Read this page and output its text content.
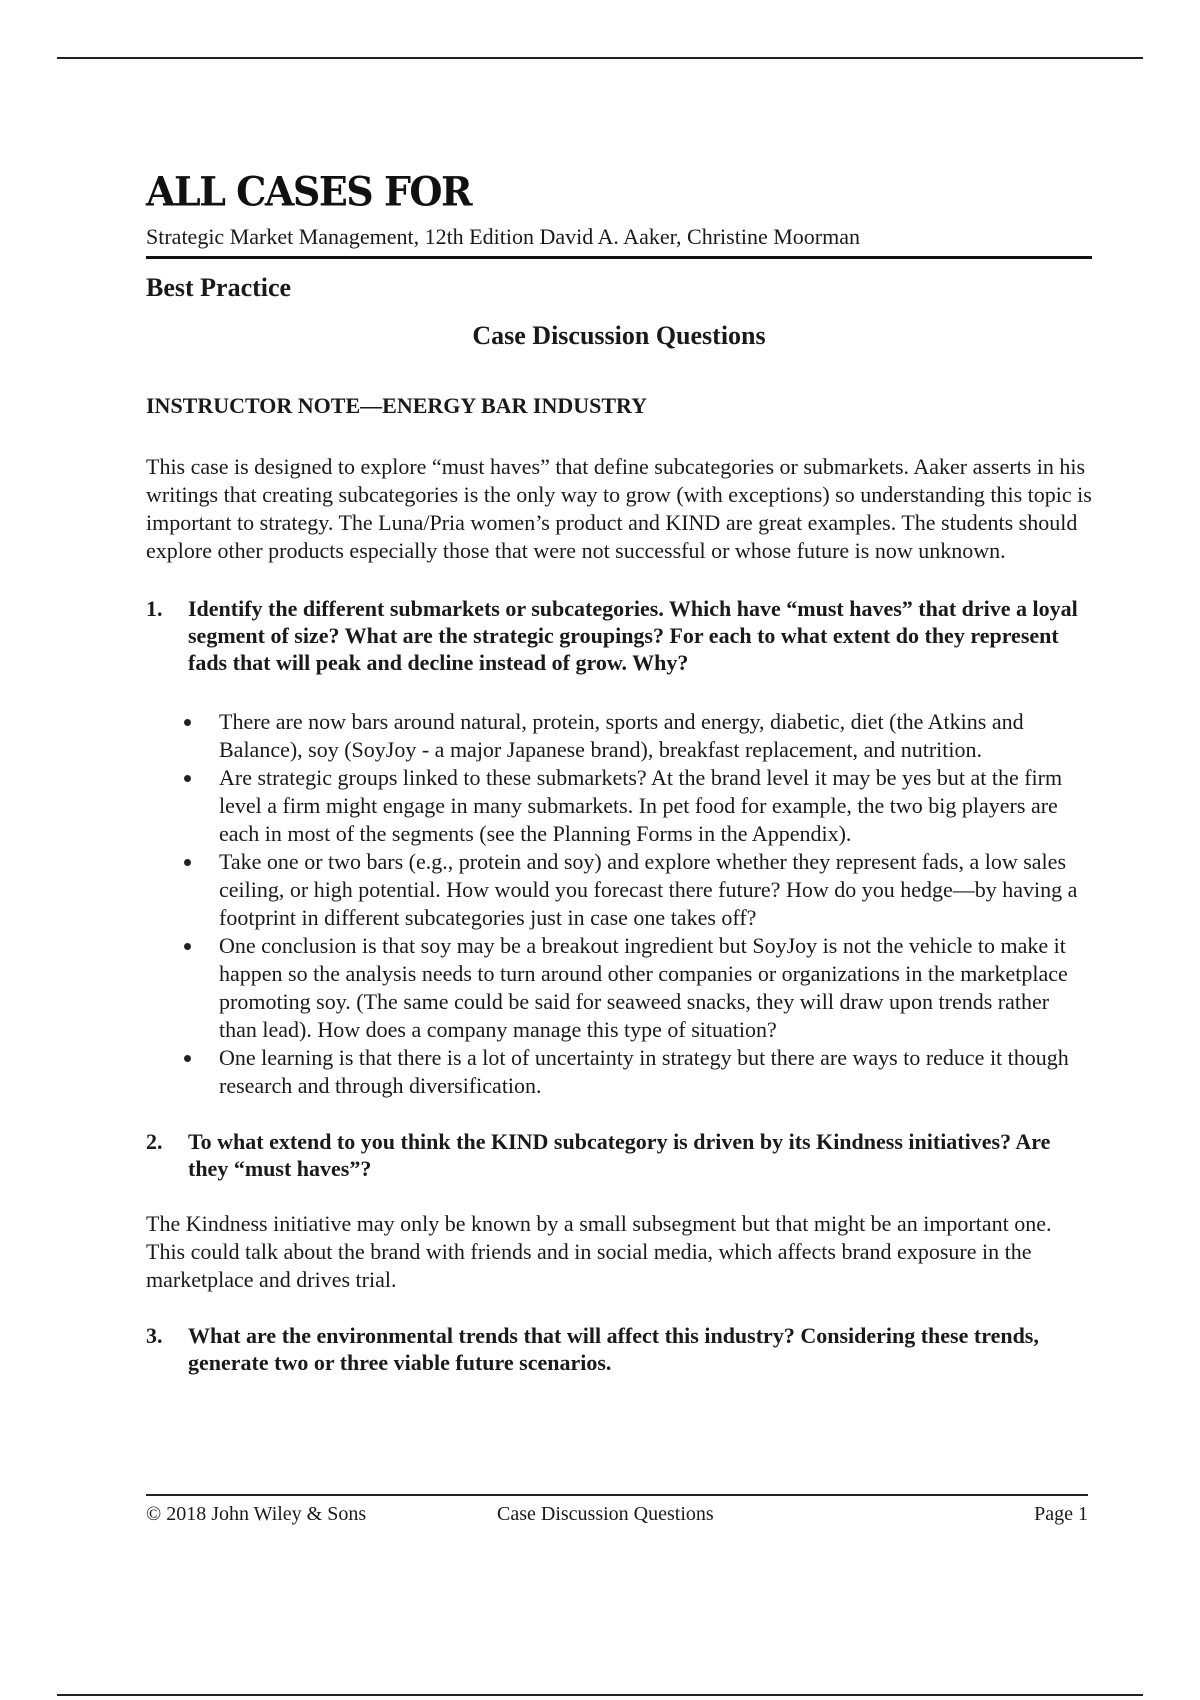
ALL CASES FOR
Strategic Market Management, 12th Edition David A. Aaker, Christine Moorman
Best Practice
Case Discussion Questions
INSTRUCTOR NOTE—ENERGY BAR INDUSTRY

This case is designed to explore “must haves” that define subcategories or submarkets. Aaker asserts in his writings that creating subcategories is the only way to grow (with exceptions) so understanding this topic is important to strategy. The Luna/Pria women’s product and KIND are great examples. The students should explore other products especially those that were not successful or whose future is now unknown.

1.	Identify the different submarkets or subcategories. Which have “must haves” that drive a loyal segment of size? What are the strategic groupings? For each to what extent do they represent fads that will peak and decline instead of grow. Why?
There are now bars around natural, protein, sports and energy, diabetic, diet (the Atkins and Balance), soy (SoyJoy - a major Japanese brand), breakfast replacement, and nutrition.
Are strategic groups linked to these submarkets? At the brand level it may be yes but at the firm level a firm might engage in many submarkets. In pet food for example, the two big players are each in most of the segments (see the Planning Forms in the Appendix).
Take one or two bars (e.g., protein and soy) and explore whether they represent fads, a low sales ceiling, or high potential. How would you forecast there future? How do you hedge—by having a footprint in different subcategories just in case one takes off?
One conclusion is that soy may be a breakout ingredient but SoyJoy is not the vehicle to make it happen so the analysis needs to turn around other companies or organizations in the marketplace promoting soy. (The same could be said for seaweed snacks, they will draw upon trends rather than lead). How does a company manage this type of situation?
One learning is that there is a lot of uncertainty in strategy but there are ways to reduce it though research and through diversification.
2.	To what extend to you think the KIND subcategory is driven by its Kindness initiatives? Are they “must haves”?

The Kindness initiative may only be known by a small subsegment but that might be an important one. This could talk about the brand with friends and in social media, which affects brand exposure in the marketplace and drives trial.

3.	What are the environmental trends that will affect this industry? Considering these trends, generate two or three viable future scenarios.
© 2018 John Wiley & Sons	Case Discussion Questions	Page 1
